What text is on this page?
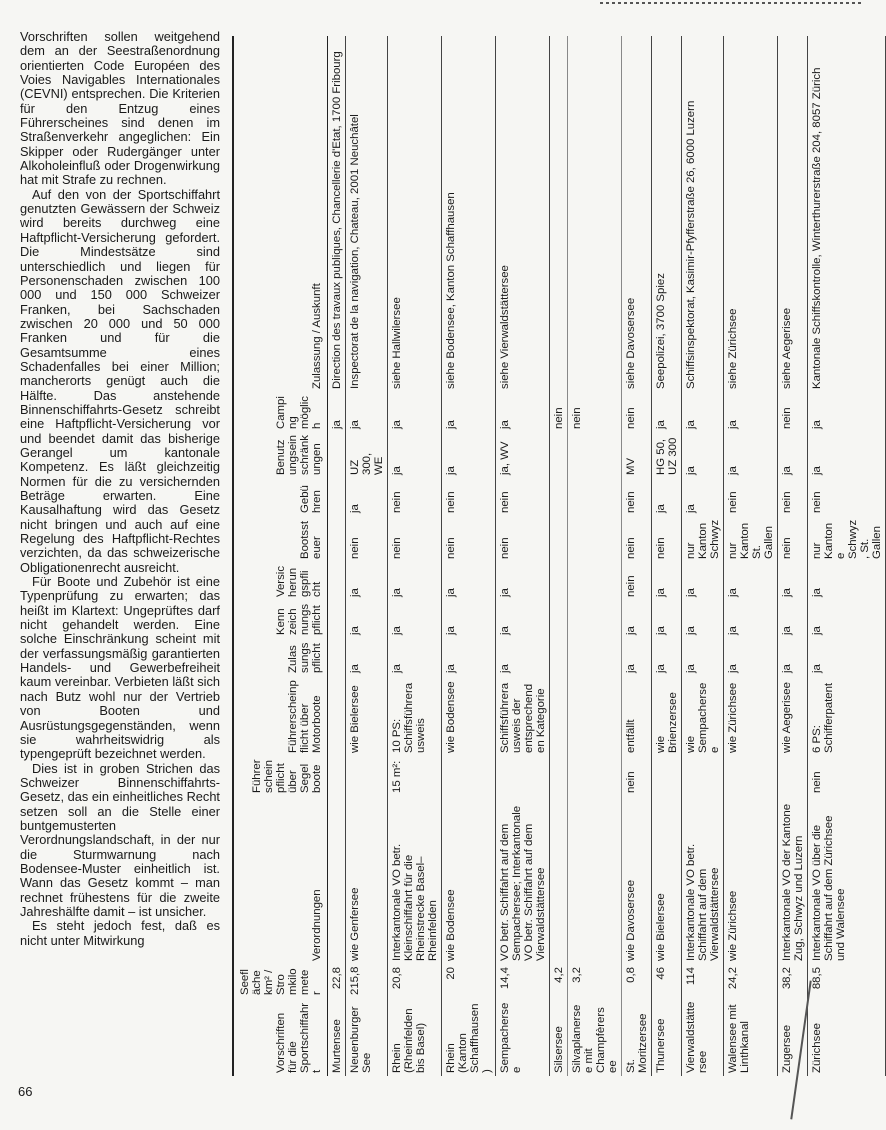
Vorschriften sollen weitgehend dem an der Seestraßenordnung orientierten Code Européen des Voies Navigables Internationales (CEVNI) entsprechen. Die Kriterien für den Entzug eines Führerscheines sind denen im Straßenverkehr angeglichen: Ein Skipper oder Rudergänger unter Alkoholeinfluß oder Drogenwirkung hat mit Strafe zu rechnen.

Auf den von der Sportschiffahrt genutzten Gewässern der Schweiz wird bereits durchweg eine Haftpflicht-Versicherung gefordert. Die Mindestsätze sind unterschiedlich und liegen für Personenschaden zwischen 100 000 und 150 000 Schweizer Franken, bei Sachschaden zwischen 20 000 und 50 000 Franken und für die Gesamtsumme eines Schadenfalles bei einer Million; mancherorts genügt auch die Hälfte. Das anstehende Binnenschiffahrts-Gesetz schreibt eine Haftpflicht-Versicherung vor und beendet damit das bisherige Gerangel um kantonale Kompetenz. Es läßt gleichzeitig Normen für die zu versichernden Beträge erwarten. Eine Kausalhaftung wird das Gesetz nicht bringen und auch auf eine Regelung des Haftpflicht-Rechtes verzichten, da das schweizerische Obligationenrecht ausreicht.

Für Boote und Zubehör ist eine Typenprüfung zu erwarten; das heißt im Klartext: Ungeprüftes darf nicht gehandelt werden. Eine solche Einschränkung scheint mit der verfassungsmäßig garantierten Handels- und Gewerbefreiheit kaum vereinbar. Verbieten läßt sich nach Butz wohl nur der Vertrieb von Booten und Ausrüstungsgegenständen, wenn sie wahrheitswidrig als typengeprüft bezeichnet werden.

Dies ist in groben Strichen das Schweizer Binnenschiffahrts-Gesetz, das ein einheitliches Recht setzen soll an die Stelle einer buntgemusterten Verordnungslandschaft, in der nur die Sturmwarnung nach Bodensee-Muster einheitlich ist. Wann das Gesetz kommt – man rechnet frühestens für die zweite Jahreshälfte damit – ist unsicher.

Es steht jedoch fest, daß es nicht unter Mitwirkung

66
Vorschriften für die Sportschiffahrt	Seefläche km² / Stromkilometer	Verordnungen	Führerscheinpflicht über Segelboote	Führerscheinpflicht über Motorboote	Zulassungspflicht	Kennzeichnungspflicht	Versicherungspflicht	Bootssteuer	Gebühren	Benutzungseinschränkungen	Camping möglich	Zulassung / Auskunft
Murtensee	22,8										ja	Direction des travaux publiques, Chancellerie d'Etat, 1700 Fribourg
Neuenburger See	215,8	wie Genfersee		wie Bielersee	ja	ja	ja	nein	ja	UZ 300, WE	ja	Inspectorat de la navigation, Chateau, 2001 Neuchâtel
Rhein (Rheinfelden bis Basel)	20,8	Interkantonale VO betr. Kleinschiffahrt für die Rheinstrecke Basel–Rheinfelden	15 m²:	10 PS: Schiffsführerausweis	ja	ja	ja	nein	nein	ja	ja	siehe Hallwilersee
Rhein (Kanton Schaffhausen)	20	wie Bodensee		wie Bodensee	ja	ja	ja	nein	nein	ja	ja	siehe Bodensee, Kanton Schaffhausen
Sempachersee	14,4	VO betr. Schiffahrt auf dem Sempachersee; Interkantonale VO betr. Schiffahrt auf dem Vierwaldstättersee		Schiffsführerausweis der entsprechenden Kategorie	ja	ja	ja	nein	nein	ja, WV	ja	siehe Vierwaldstättersee
Silsersee	4,2										nein	
Silvaplanersee mit Champfèrersee	3,2										nein	
St. Moritzersee	0,8	wie Davosersee	nein	entfällt	ja	ja	nein	nein	nein	MV	nein	siehe Davosersee
Thunersee	46	wie Bielersee		wie Brienzersee	ja	ja	ja	nein	ja	HG 50, UZ 300	ja	Seepolizei, 3700 Spiez
Vierwaldstättersee	114	Interkantonale VO betr. Schiffahrt auf dem Vierwaldstättersee		wie Sempachersee	ja	ja	ja	nur Kanton Schwyz	ja	ja	ja	Schiffsinspektorat, Kasimir-Pfyfferstraße 26, 6000 Luzern
Walensee mit Linthkanal	24,2	wie Zürichsee		wie Zürichsee	ja	ja	ja	nur Kanton St. Gallen	nein	ja	ja	siehe Zürichsee
Zugersee	38,2	Interkantonale VO der Kantone Zug, Schwyz und Luzern		wie Aegerisee	ja	ja	ja	nein	nein	ja	nein	siehe Aegerisee
Zürichsee	88,5	Interkantonale VO über die Schiffahrt auf dem Zürichsee und Walensee	nein	6 PS: Schifferpatent	ja	ja	ja	nur Kantone Schwyz, St. Gallen	nein	ja	ja	Kantonale Schiffskontrolle, Winterthurerstraße 204, 8057 Zürich
